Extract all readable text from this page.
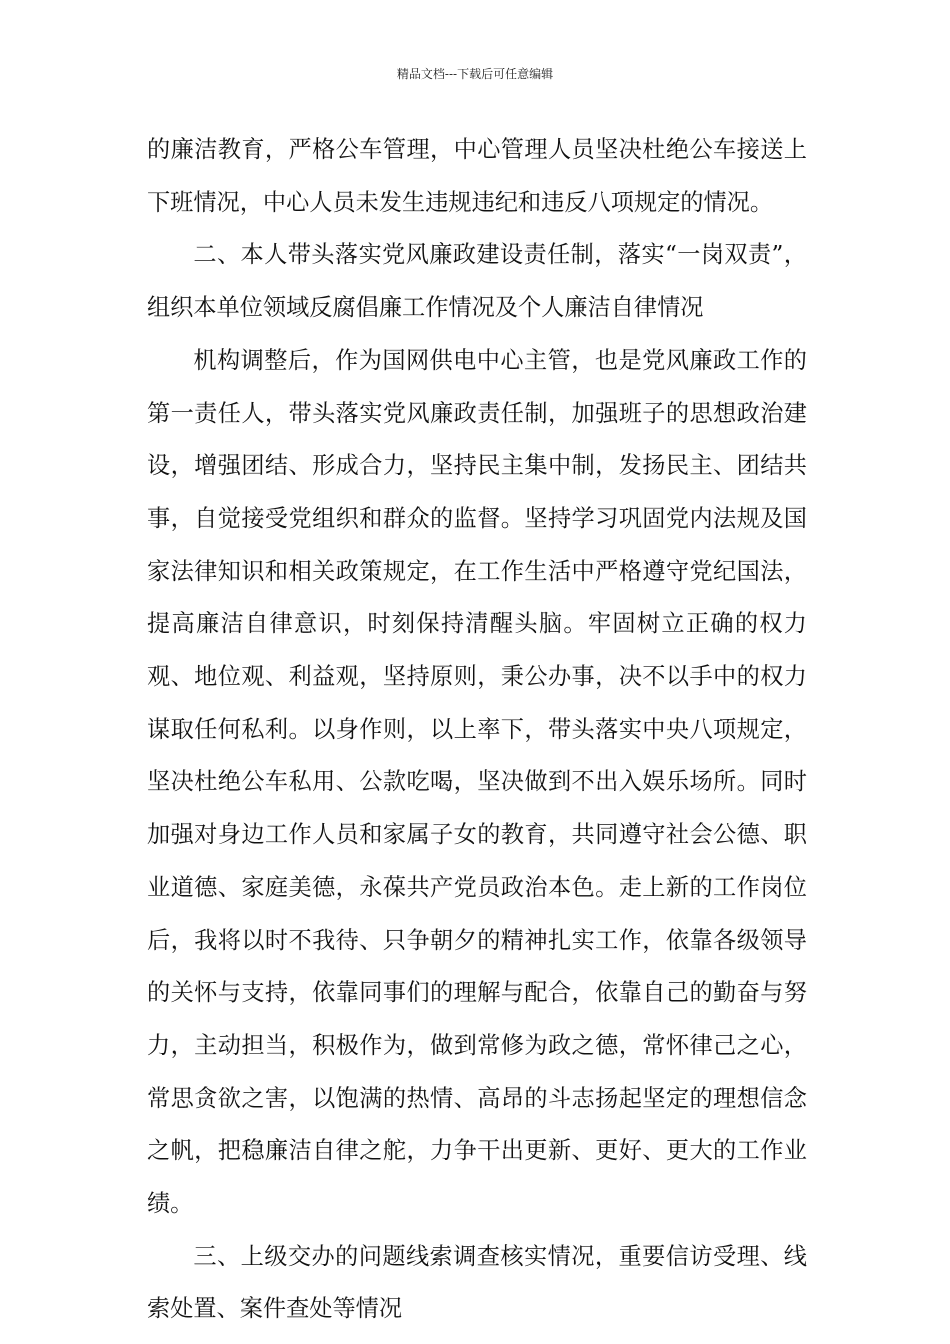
精品文档---下载后可任意编辑

的廉洁教育，严格公车管理，中心管理人员坚决杜绝公车接送上下班情况，中心人员未发生违规违纪和违反八项规定的情况。

二、本人带头落实党风廉政建设责任制，落实“一岗双责”，组织本单位领域反腐倡廉工作情况及个人廉洁自律情况

机构调整后，作为国网供电中心主管，也是党风廉政工作的第一责任人，带头落实党风廉政责任制，加强班子的思想政治建设，增强团结、形成合力，坚持民主集中制，发扬民主、团结共事，自觉接受党组织和群众的监督。坚持学习巩固党内法规及国家法律知识和相关政策规定，在工作生活中严格遵守党纪国法，提高廉洁自律意识，时刻保持清醒头脑。牢固树立正确的权力观、地位观、利益观，坚持原则，秉公办事，决不以手中的权力谋取任何私利。以身作则，以上率下，带头落实中央八项规定，坚决杜绝公车私用、公款吃喝，坚决做到不出入娱乐场所。同时加强对身边工作人员和家属子女的教育，共同遵守社会公德、职业道德、家庭美德，永葆共产党员政治本色。走上新的工作岗位后，我将以时不我待、只争朝夕的精神扎实工作，依靠各级领导的关怀与支持，依靠同事们的理解与配合，依靠自己的勤奋与努力，主动担当，积极作为，做到常修为政之德，常怀律己之心，常思贪欲之害，以饱满的热情、高昂的斗志扬起坚定的理想信念之帆，把稳廉洁自律之舵，力争干出更新、更好、更大的工作业绩。

三、上级交办的问题线索调查核实情况，重要信访受理、线索处置、案件查处等情况
